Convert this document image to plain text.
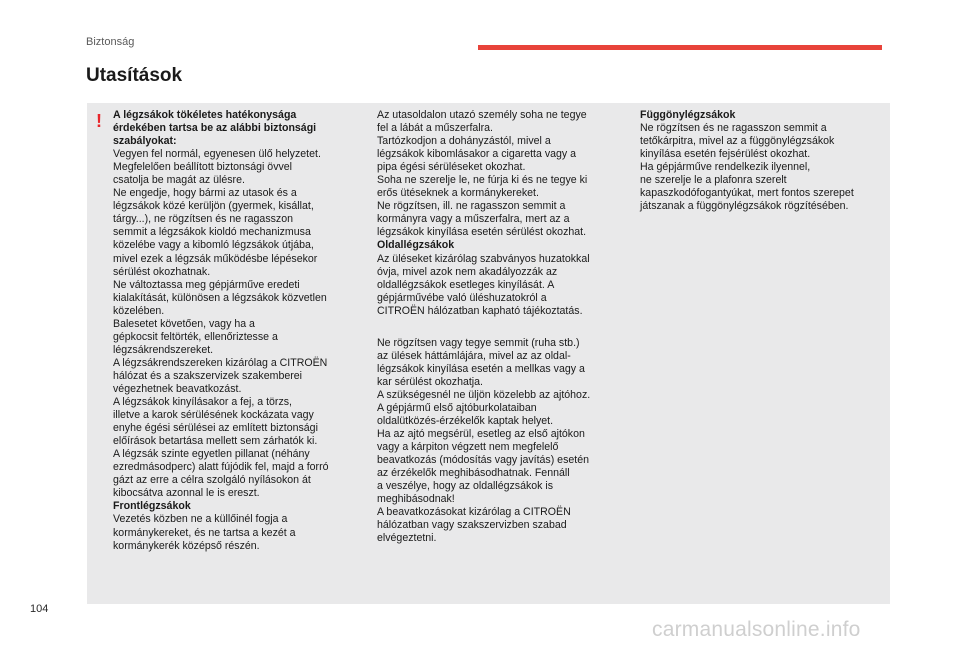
Biztonság
Utasítások
! A légzsákok tökéletes hatékonysága

érdekében tartsa be az alábbi biztonsági

szabályokat:

Vegyen fel normál, egyenesen ülő helyzetet.

Megfelelően beállított biztonsági övvel

csatolja be magát az ülésre.

Ne engedje, hogy bármi az utasok és a

légzsákok közé kerüljön (gyermek, kisállat,

tárgy...), ne rögzítsen és ne ragasszon

semmit a légzsákok kioldó mechanizmusa

közelébe vagy a kibomló légzsákok útjába,

mivel ezek a légzsák működésbe lépésekor

sérülést okozhatnak.

Ne változtassa meg gépjárműve eredeti

kialakítását, különösen a légzsákok közvetlen

közelében.

Balesetet követően, vagy ha a

gépkocsit feltörték, ellenőriztesse a

légzsákrendszereket.

A légzsákrendszereken kizárólag a CITROËN

hálózat és a szakszervizek szakemberei

végezhetnek beavatkozást.

A légzsákok kinyílásakor a fej, a törzs,

illetve a karok sérülésének kockázata vagy

enyhe égési sérülései az említett biztonsági

előírások betartása mellett sem zárhatók ki.

A légzsák szinte egyetlen pillanat (néhány

ezredmásodperc) alatt fújódik fel, majd a forró

gázt az erre a célra szolgáló nyílásokon át

kibocsátva azonnal le is ereszt.

Frontlégzsákok

Vezetés közben ne a küllőinél fogja a

kormánykereket, és ne tartsa a kezét a

kormánykerék középső részén.

Az utasoldalon utazó személy soha ne tegye

fel a lábát a műszerfalra.

Tartózkodjon a dohányzástól, mivel a

légzsákok kibomlásakor a cigaretta vagy a

pipa égési sérüléseket okozhat.

Soha ne szerelje le, ne fúrja ki és ne tegye ki

erős ütéseknek a kormánykereket.

Ne rögzítsen, ill. ne ragasszon semmit a

kormányra vagy a műszerfalra, mert az a

légzsákok kinyílása esetén sérülést okozhat.

Oldallégzsákok

Az üléseket kizárólag szabványos huzatokkal

óvja, mivel azok nem akadályozzák az

oldallégzsákok esetleges kinyílását. A

gépjárművébe való üléshuzatokról a

CITROËN hálózatban kapható tájékoztatás.

Ne rögzítsen vagy tegye semmit (ruha stb.)

az ülések háttámlájára, mivel az az oldal-

légzsákok kinyílása esetén a mellkas vagy a

kar sérülést okozhatja.

A szükségesnél ne üljön közelebb az ajtóhoz.

A gépjármű első ajtóburkolataiban

oldalütközés-érzékelők kaptak helyet.

Ha az ajtó megsérül, esetleg az első ajtókon

vagy a kárpiton végzett nem megfelelő

beavatkozás (módosítás vagy javítás) esetén

az érzékelők meghibásodhatnak. Fennáll

a veszélye, hogy az oldallégzsákok is

meghibásodnak!

A beavatkozásokat kizárólag a CITROËN

hálózatban vagy szakszervizben szabad

elvégeztetni.

Függönylégzsákok

Ne rögzítsen és ne ragasszon semmit a

tetőkárpitra, mivel az a függönylégzsákok

kinyílása esetén fejsérülést okozhat.

Ha gépjárműve rendelkezik ilyennel,

ne szerelje le a plafonra szerelt

kapaszkodófogantyúkat, mert fontos szerepet

játszanak a függönylégzsákok rögzítésében.

104
carmanualsonline.info
